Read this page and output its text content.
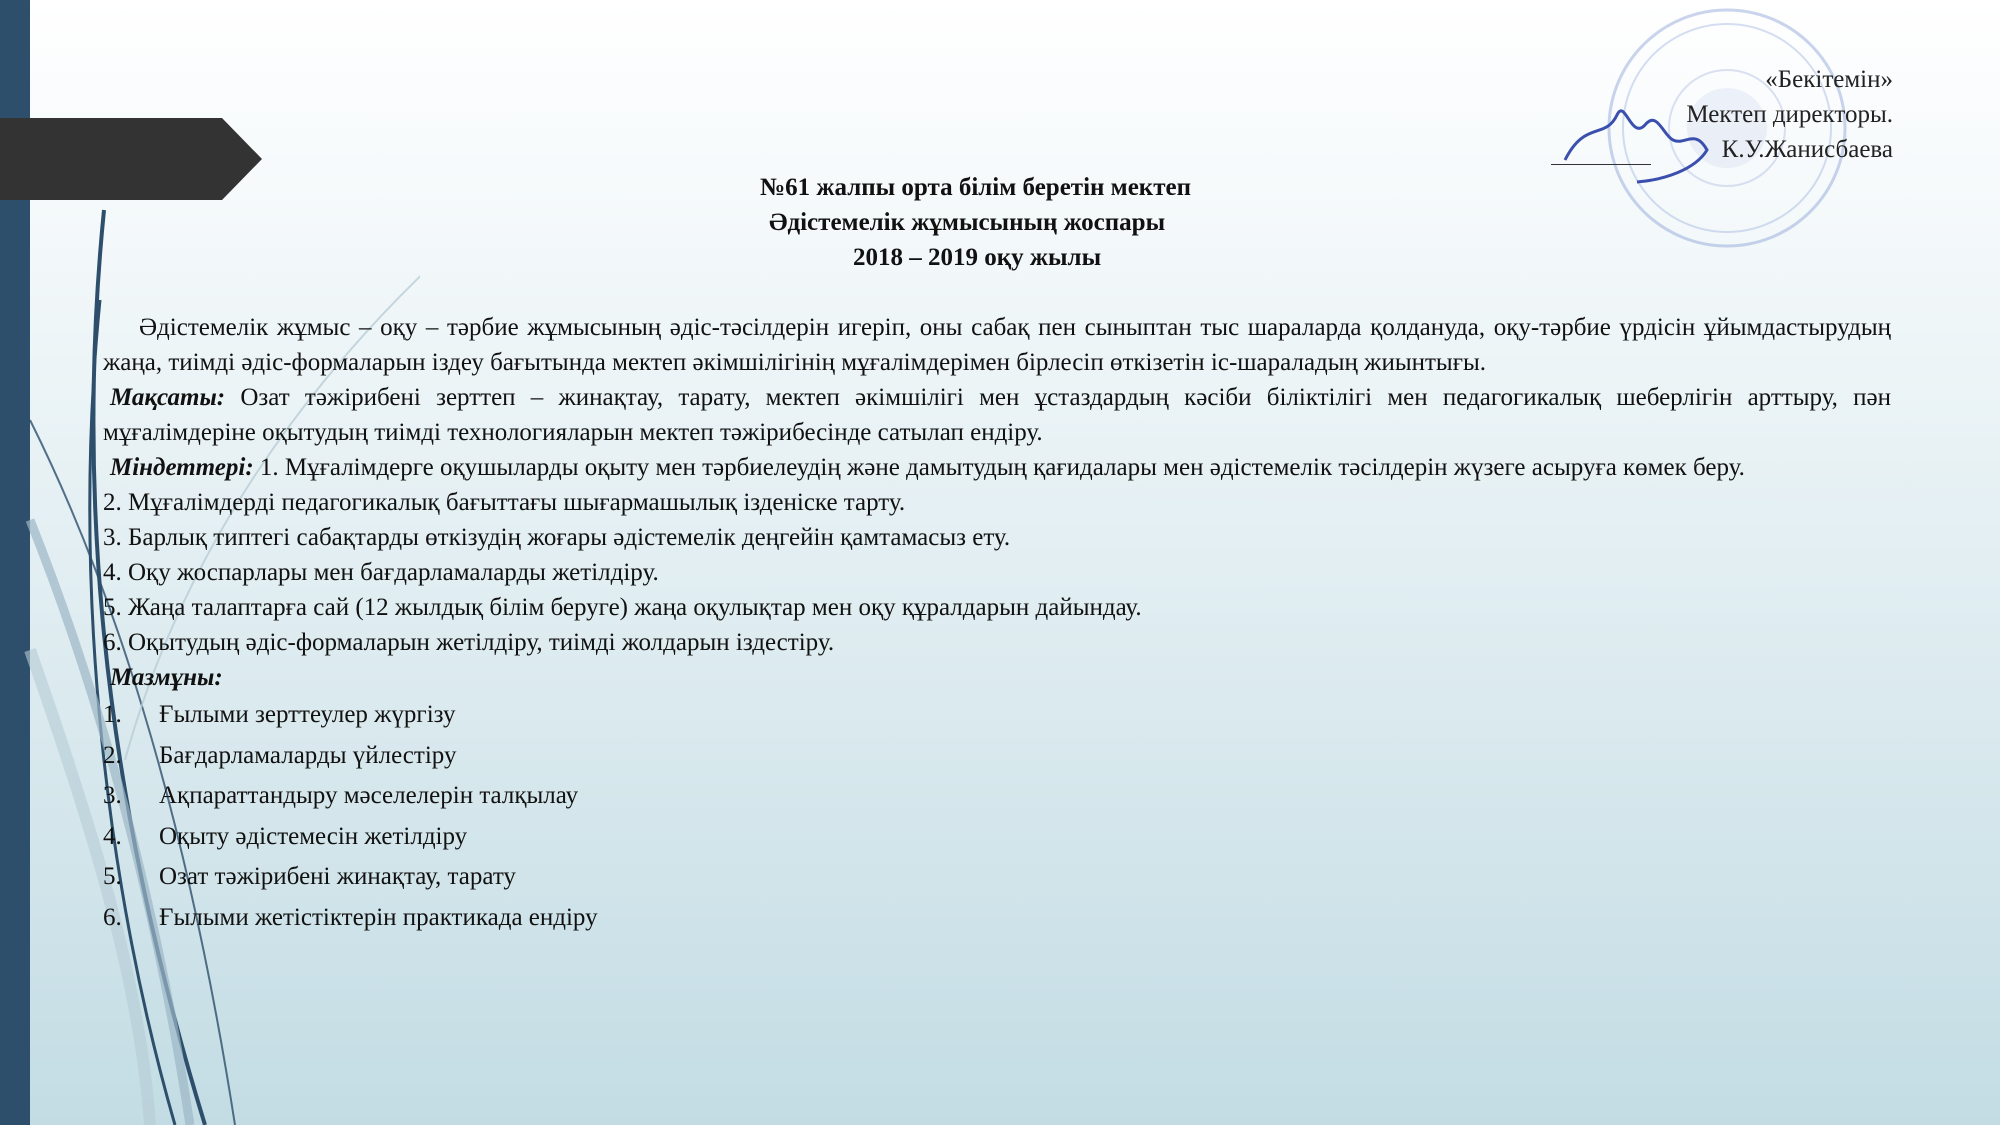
«Бекітемін»
Мектеп директоры.
К.У.Жанисбаева
№61 жалпы орта білім беретін мектеп
Әдістемелік жұмысының жоспары
2018 – 2019 оқу жылы

Әдістемелік жұмыс – оқу – тәрбие жұмысының әдіс-тәсілдерін игеріп, оны сабақ пен сыныптан тыс шараларда қолдануда, оқу-тәрбие үрдісін ұйымдастырудың жаңа, тиімді әдіс-формаларын іздеу бағытында мектеп әкімшілігінің мұғалімдерімен бірлесіп өткізетін іс-шараладың жиынтығы.

Мақсаты: Озат тәжірибені зерттеп – жинақтау, тарату, мектеп әкімшілігі мен ұстаздардың кәсіби біліктілігі мен педагогикалық шеберлігін арттыру, пән мұғалімдеріне оқытудың тиімді технологияларын мектеп тәжірибесінде сатылап ендіру.

Міндеттері: 1. Мұғалімдерге оқушыларды оқыту мен тәрбиелеудің және дамытудың қағидалары мен әдістемелік тәсілдерін жүзеге асыруға көмек беру.

2. Мұғалімдерді педагогикалық бағыттағы шығармашылық ізденіске тарту.

3. Барлық типтегі сабақтарды өткізудің жоғары әдістемелік деңгейін қамтамасыз ету.

4. Оқу жоспарлары мен бағдарламаларды жетілдіру.

5. Жаңа талаптарға сай (12 жылдық білім беруге) жаңа оқулықтар мен оқу құралдарын дайындау.

6. Оқытудың әдіс-формаларын жетілдіру, тиімді жолдарын іздестіру.

Мазмұны:

1.	Ғылыми зерттеулер жүргізу
2.	Бағдарламаларды үйлестіру
3.	Ақпараттандыру мәселелерін талқылау
4.	Оқыту әдістемесін жетілдіру
5.	Озат тәжірибені жинақтау, тарату
6.	Ғылыми жетістіктерін практикада ендіру
